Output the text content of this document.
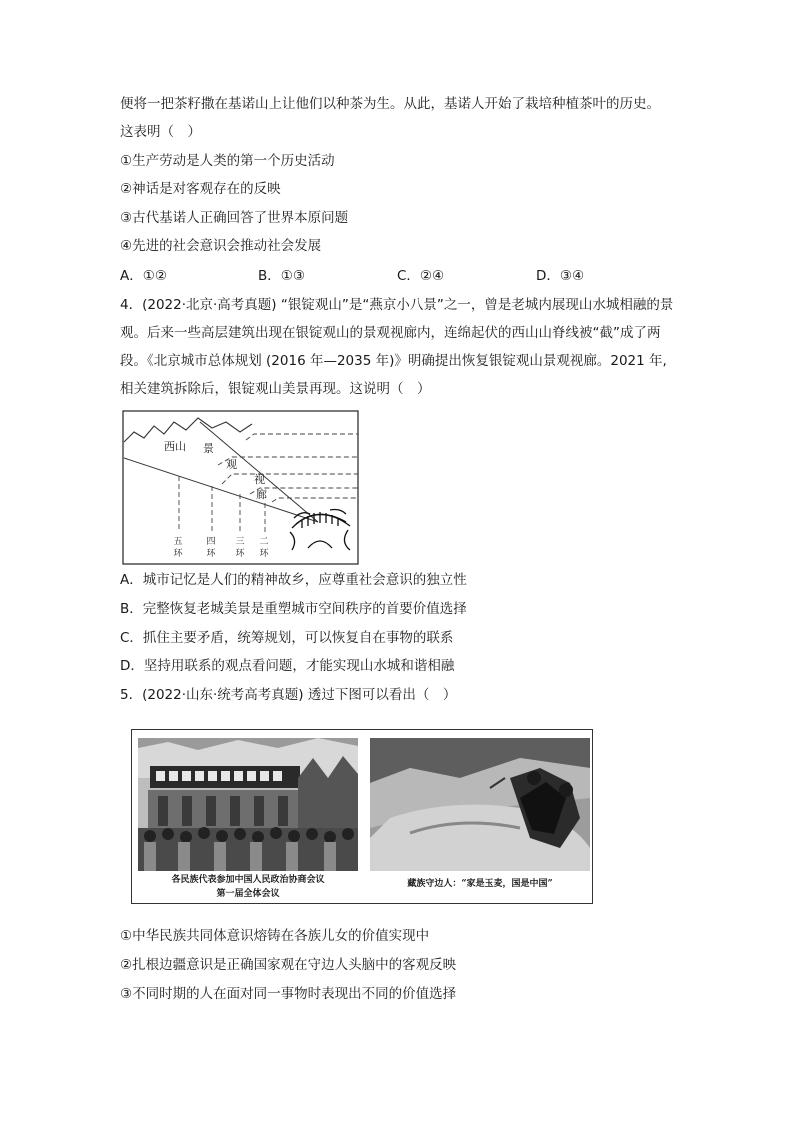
便将一把茶籽撒在基诺山上让他们以种茶为生。从此，基诺人开始了栽培种植茶叶的历史。
这表明（　）
①生产劳动是人类的第一个历史活动
②神话是对客观存在的反映
③古代基诺人正确回答了世界本原问题
④先进的社会意识会推动社会发展
A．①②	B．①③	C．②④	D．③④
4．(2022·北京·高考真题) “银锭观山”是“燕京小八景”之一，曾是老城内展现山水城相融的景
观。后来一些高层建筑出现在银锭观山的景观视廊内，连绵起伏的西山山脊线被“截”成了两
段。《北京城市总体规划 (2016 年—2035 年)》明确提出恢复银锭观山景观视廊。2021 年,
相关建筑拆除后，银锭观山美景再现。这说明（　）
西山 景
观
视
廊
五环
四环
三环
二环
A．城市记忆是人们的精神故乡，应尊重社会意识的独立性
B．完整恢复老城美景是重塑城市空间秩序的首要价值选择
C．抓住主要矛盾，统筹规划，可以恢复自在事物的联系
D．坚持用联系的观点看问题，才能实现山水城和谐相融
5．(2022·山东·统考高考真题) 透过下图可以看出（　）
各民族代表参加中国人民政治协商会议
第一届全体会议
藏族守边人：“家是玉麦，国是中国”
①中华民族共同体意识熔铸在各族儿女的价值实现中
②扎根边疆意识是正确国家观在守边人头脑中的客观反映
③不同时期的人在面对同一事物时表现出不同的价值选择
